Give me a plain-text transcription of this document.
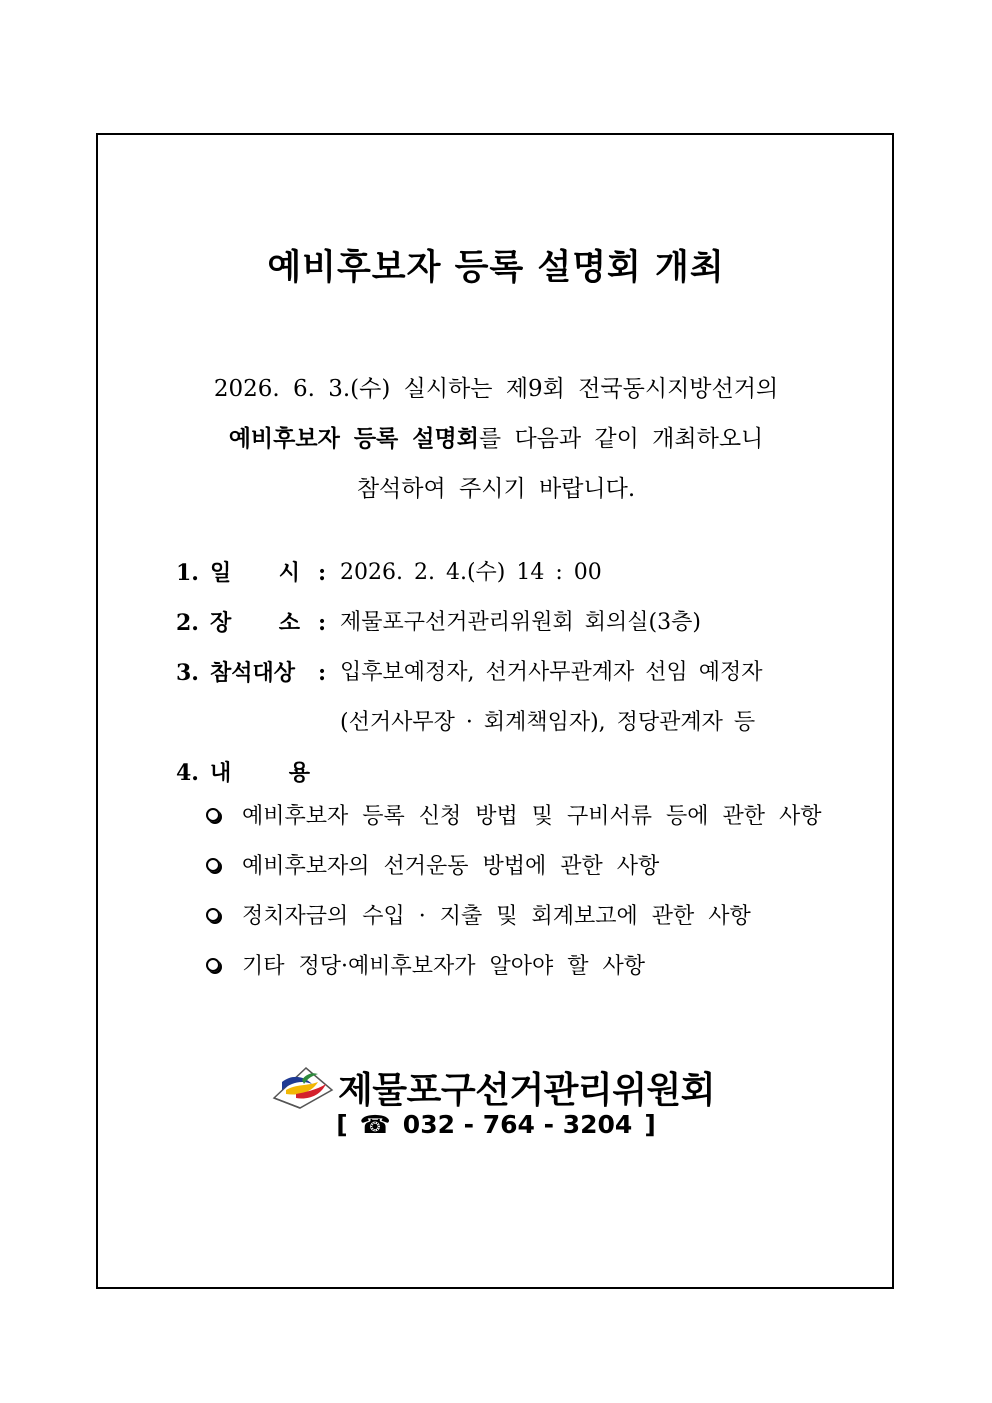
예비후보자 등록 설명회 개최
2026. 6. 3.(수) 실시하는 제9회 전국동시지방선거의
예비후보자 등록 설명회를 다음과 같이 개최하오니
참석하여 주시기 바랍니다.
1. 일 시 : 2026. 2. 4.(수) 14 : 00
2. 장 소 : 제물포구선거관리위원회 회의실(3층)
3. 참석대상 : 입후보예정자, 선거사무관계자 선임 예정자
(선거사무장 · 회계책임자), 정당관계자 등
4. 내	용
예비후보자 등록 신청 방법 및 구비서류 등에 관한 사항
예비후보자의 선거운동 방법에 관한 사항
정치자금의 수입 · 지출 및 회계보고에 관한 사항
기타 정당·예비후보자가 알아야 할 사항
제물포구선거관리위원회
[ ☎ 032 - 764 - 3204 ]
